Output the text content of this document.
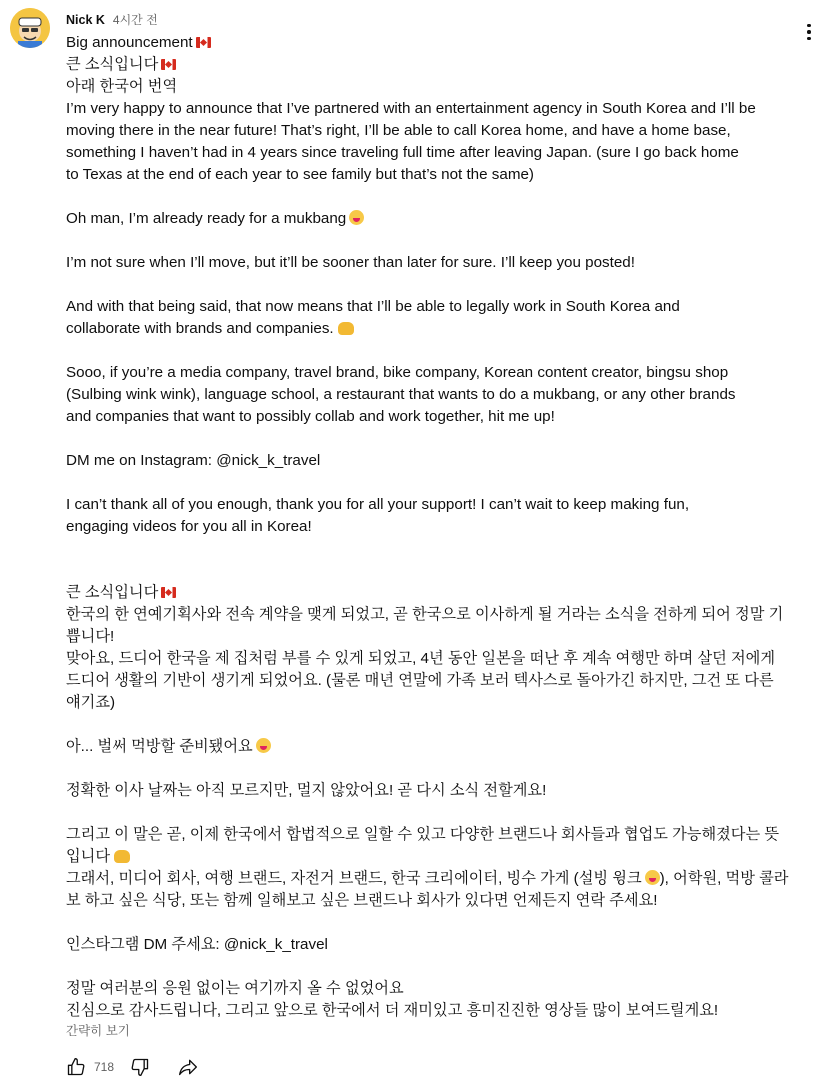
Nick K 4시간 전
Big announcement
큰 소식입니다
아래 한국어 번역
I’m very happy to announce that I’ve partnered with an entertainment agency in South Korea and I’ll be
moving there in the near future! That’s right, I’ll be able to call Korea home, and have a home base,
something I haven’t had in 4 years since traveling full time after leaving Japan. (sure I go back home
to Texas at the end of each year to see family but that’s not the same)
Oh man, I’m already ready for a mukbang
I’m not sure when I’ll move, but it’ll be sooner than later for sure. I’ll keep you posted!
And with that being said, that now means that I’ll be able to legally work in South Korea and
collaborate with brands and companies.
Sooo, if you’re a media company, travel brand, bike company, Korean content creator, bingsu shop
(Sulbing wink wink), language school, a restaurant that wants to do a mukbang, or any other brands
and companies that want to possibly collab and work together, hit me up!
DM me on Instagram: @nick_k_travel
I can’t thank all of you enough, thank you for all your support! I can’t wait to keep making fun,
engaging videos for you all in Korea!
큰 소식입니다
한국의 한 연예기획사와 전속 계약을 맺게 되었고, 곧 한국으로 이사하게 될 거라는 소식을 전하게 되어 정말 기
쁩니다!
맞아요, 드디어 한국을 제 집처럼 부를 수 있게 되었고, 4년 동안 일본을 떠난 후 계속 여행만 하며 살던 저에게
드디어 생활의 기반이 생기게 되었어요. (물론 매년 연말에 가족 보러 텍사스로 돌아가긴 하지만, 그건 또 다른
얘기죠)
아... 벌써 먹방할 준비됐어요
정확한 이사 날짜는 아직 모르지만, 멀지 않았어요! 곧 다시 소식 전할게요!
그리고 이 말은 곧, 이제 한국에서 합법적으로 일할 수 있고 다양한 브랜드나 회사들과 협업도 가능해졌다는 뜻
입니다
그래서, 미디어 회사, 여행 브랜드, 자전거 브랜드, 한국 크리에이터, 빙수 가게 (설빙 윙크 ), 어학원, 먹방 콜라
보 하고 싶은 식당, 또는 함께 일해보고 싶은 브랜드나 회사가 있다면 언제든지 연락 주세요!
인스타그램 DM 주세요: @nick_k_travel
정말 여러분의 응원 없이는 여기까지 올 수 없었어요
진심으로 감사드립니다, 그리고 앞으로 한국에서 더 재미있고 흥미진진한 영상들 많이 보여드릴게요!
간략히 보기
718
